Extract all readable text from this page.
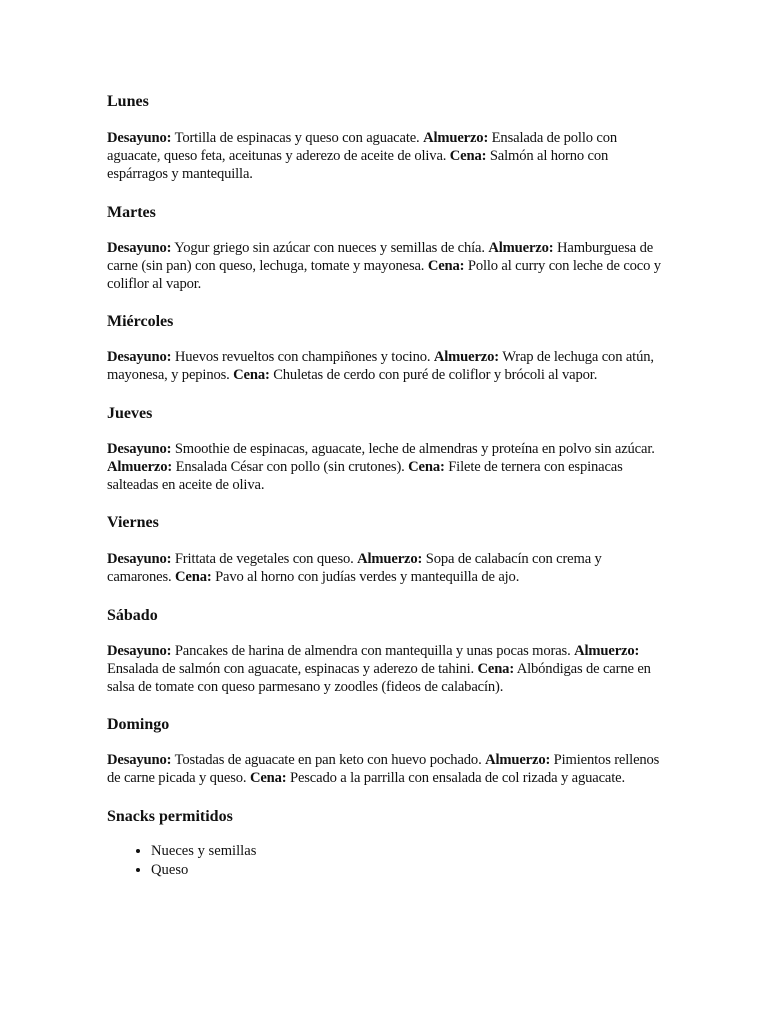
Lunes

Desayuno: Tortilla de espinacas y queso con aguacate. Almuerzo: Ensalada de pollo con aguacate, queso feta, aceitunas y aderezo de aceite de oliva. Cena: Salmón al horno con espárragos y mantequilla.

Martes

Desayuno: Yogur griego sin azúcar con nueces y semillas de chía. Almuerzo: Hamburguesa de carne (sin pan) con queso, lechuga, tomate y mayonesa. Cena: Pollo al curry con leche de coco y coliflor al vapor.

Miércoles

Desayuno: Huevos revueltos con champiñones y tocino. Almuerzo: Wrap de lechuga con atún, mayonesa, y pepinos. Cena: Chuletas de cerdo con puré de coliflor y brócoli al vapor.

Jueves

Desayuno: Smoothie de espinacas, aguacate, leche de almendras y proteína en polvo sin azúcar. Almuerzo: Ensalada César con pollo (sin crutones). Cena: Filete de ternera con espinacas salteadas en aceite de oliva.

Viernes

Desayuno: Frittata de vegetales con queso. Almuerzo: Sopa de calabacín con crema y camarones. Cena: Pavo al horno con judías verdes y mantequilla de ajo.

Sábado

Desayuno: Pancakes de harina de almendra con mantequilla y unas pocas moras. Almuerzo: Ensalada de salmón con aguacate, espinacas y aderezo de tahini. Cena: Albóndigas de carne en salsa de tomate con queso parmesano y zoodles (fideos de calabacín).

Domingo

Desayuno: Tostadas de aguacate en pan keto con huevo pochado. Almuerzo: Pimientos rellenos de carne picada y queso. Cena: Pescado a la parrilla con ensalada de col rizada y aguacate.

Snacks permitidos
• Nueces y semillas
• Queso
